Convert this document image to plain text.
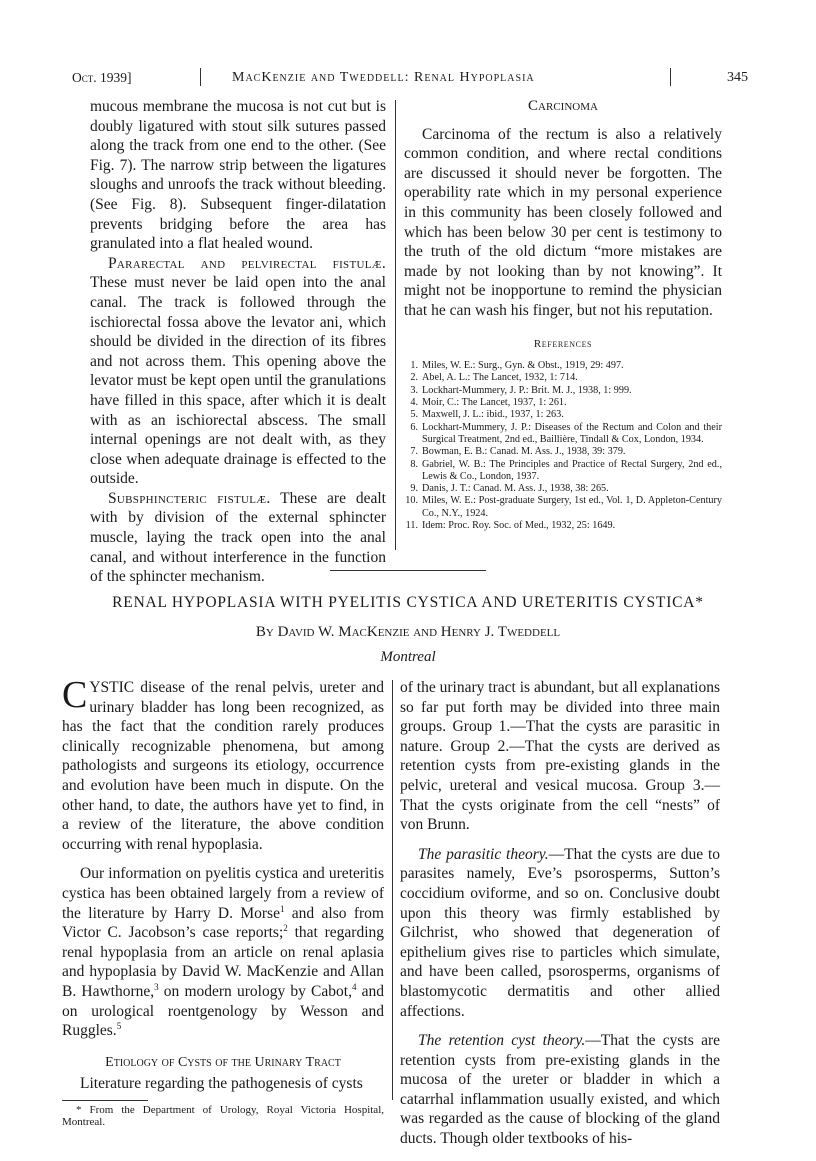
Oct. 1939]	MacKenzie and Tweddell: Renal Hypoplasia	345

mucous membrane the mucosa is not cut but is doubly ligatured with stout silk sutures passed along the track from one end to the other. (See Fig. 7). The narrow strip between the ligatures sloughs and unroofs the track without bleeding. (See Fig. 8). Subsequent finger-dilatation prevents bridging before the area has granulated into a flat healed wound.

Pararectal and pelvirectal fistulæ. These must never be laid open into the anal canal. The track is followed through the ischiorectal fossa above the levator ani, which should be divided in the direction of its fibres and not across them. This opening above the levator must be kept open until the granulations have filled in this space, after which it is dealt with as an ischiorectal abscess. The small internal openings are not dealt with, as they close when adequate drainage is effected to the outside.

Subsphincteric fistulæ. These are dealt with by division of the external sphincter muscle, laying the track open into the anal canal, and without interference in the function of the sphincter mechanism.

Carcinoma

Carcinoma of the rectum is also a relatively common condition, and where rectal conditions are discussed it should never be forgotten. The operability rate which in my personal experience in this community has been closely followed and which has been below 30 per cent is testimony to the truth of the old dictum “more mistakes are made by not looking than by not knowing”. It might not be inopportune to remind the physician that he can wash his finger, but not his reputation.

References
1. Miles, W. E.: Surg., Gyn. & Obst., 1919, 29: 497.
2. Abel, A. L.: The Lancet, 1932, 1: 714.
3. Lockhart-Mummery, J. P.: Brit. M. J., 1938, 1: 999.
4. Moir, C.: The Lancet, 1937, 1: 261.
5. Maxwell, J. L.: ibid., 1937, 1: 263.
6. Lockhart-Mummery, J. P.: Diseases of the Rectum and Colon and their Surgical Treatment, 2nd ed., Baillière, Tindall & Cox, London, 1934.
7. Bowman, E. B.: Canad. M. Ass. J., 1938, 39: 379.
8. Gabriel, W. B.: The Principles and Practice of Rectal Surgery, 2nd ed., Lewis & Co., London, 1937.
9. Danis, J. T.: Canad. M. Ass. J., 1938, 38: 265.
10. Miles, W. E.: Post-graduate Surgery, 1st ed., Vol. 1, D. Appleton-Century Co., N.Y., 1924.
11. Idem: Proc. Roy. Soc. of Med., 1932, 25: 1649.
RENAL HYPOPLASIA WITH PYELITIS CYSTICA AND URETERITIS CYSTICA*
By David W. MacKenzie and Henry J. Tweddell
Montreal

CYSTIC disease of the renal pelvis, ureter and urinary bladder has long been recognized, as has the fact that the condition rarely produces clinically recognizable phenomena, but among pathologists and surgeons its etiology, occurrence and evolution have been much in dispute. On the other hand, to date, the authors have yet to find, in a review of the literature, the above condition occurring with renal hypoplasia.

Our information on pyelitis cystica and ureteritis cystica has been obtained largely from a review of the literature by Harry D. Morse$^1$ and also from Victor C. Jacobson’s case reports;$^2$ that regarding renal hypoplasia from an article on renal aplasia and hypoplasia by David W. MacKenzie and Allan B. Hawthorne,$^3$ on modern urology by Cabot,$^4$ and on urological roentgenology by Wesson and Ruggles.$^5$

Etiology of Cysts of the Urinary Tract

Literature regarding the pathogenesis of cysts

* From the Department of Urology, Royal Victoria Hospital, Montreal.

of the urinary tract is abundant, but all explanations so far put forth may be divided into three main groups. Group 1.—That the cysts are parasitic in nature. Group 2.—That the cysts are derived as retention cysts from pre-existing glands in the pelvic, ureteral and vesical mucosa. Group 3.—That the cysts originate from the cell “nests” of von Brunn.

The parasitic theory.—That the cysts are due to parasites namely, Eve’s psorosperms, Sutton’s coccidium oviforme, and so on. Conclusive doubt upon this theory was firmly established by Gilchrist, who showed that degeneration of epithelium gives rise to particles which simulate, and have been called, psorosperms, organisms of blastomycotic dermatitis and other allied affections.

The retention cyst theory.—That the cysts are retention cysts from pre-existing glands in the mucosa of the ureter or bladder in which a catarrhal inflammation usually existed, and which was regarded as the cause of blocking of the gland ducts. Though older textbooks of his-
